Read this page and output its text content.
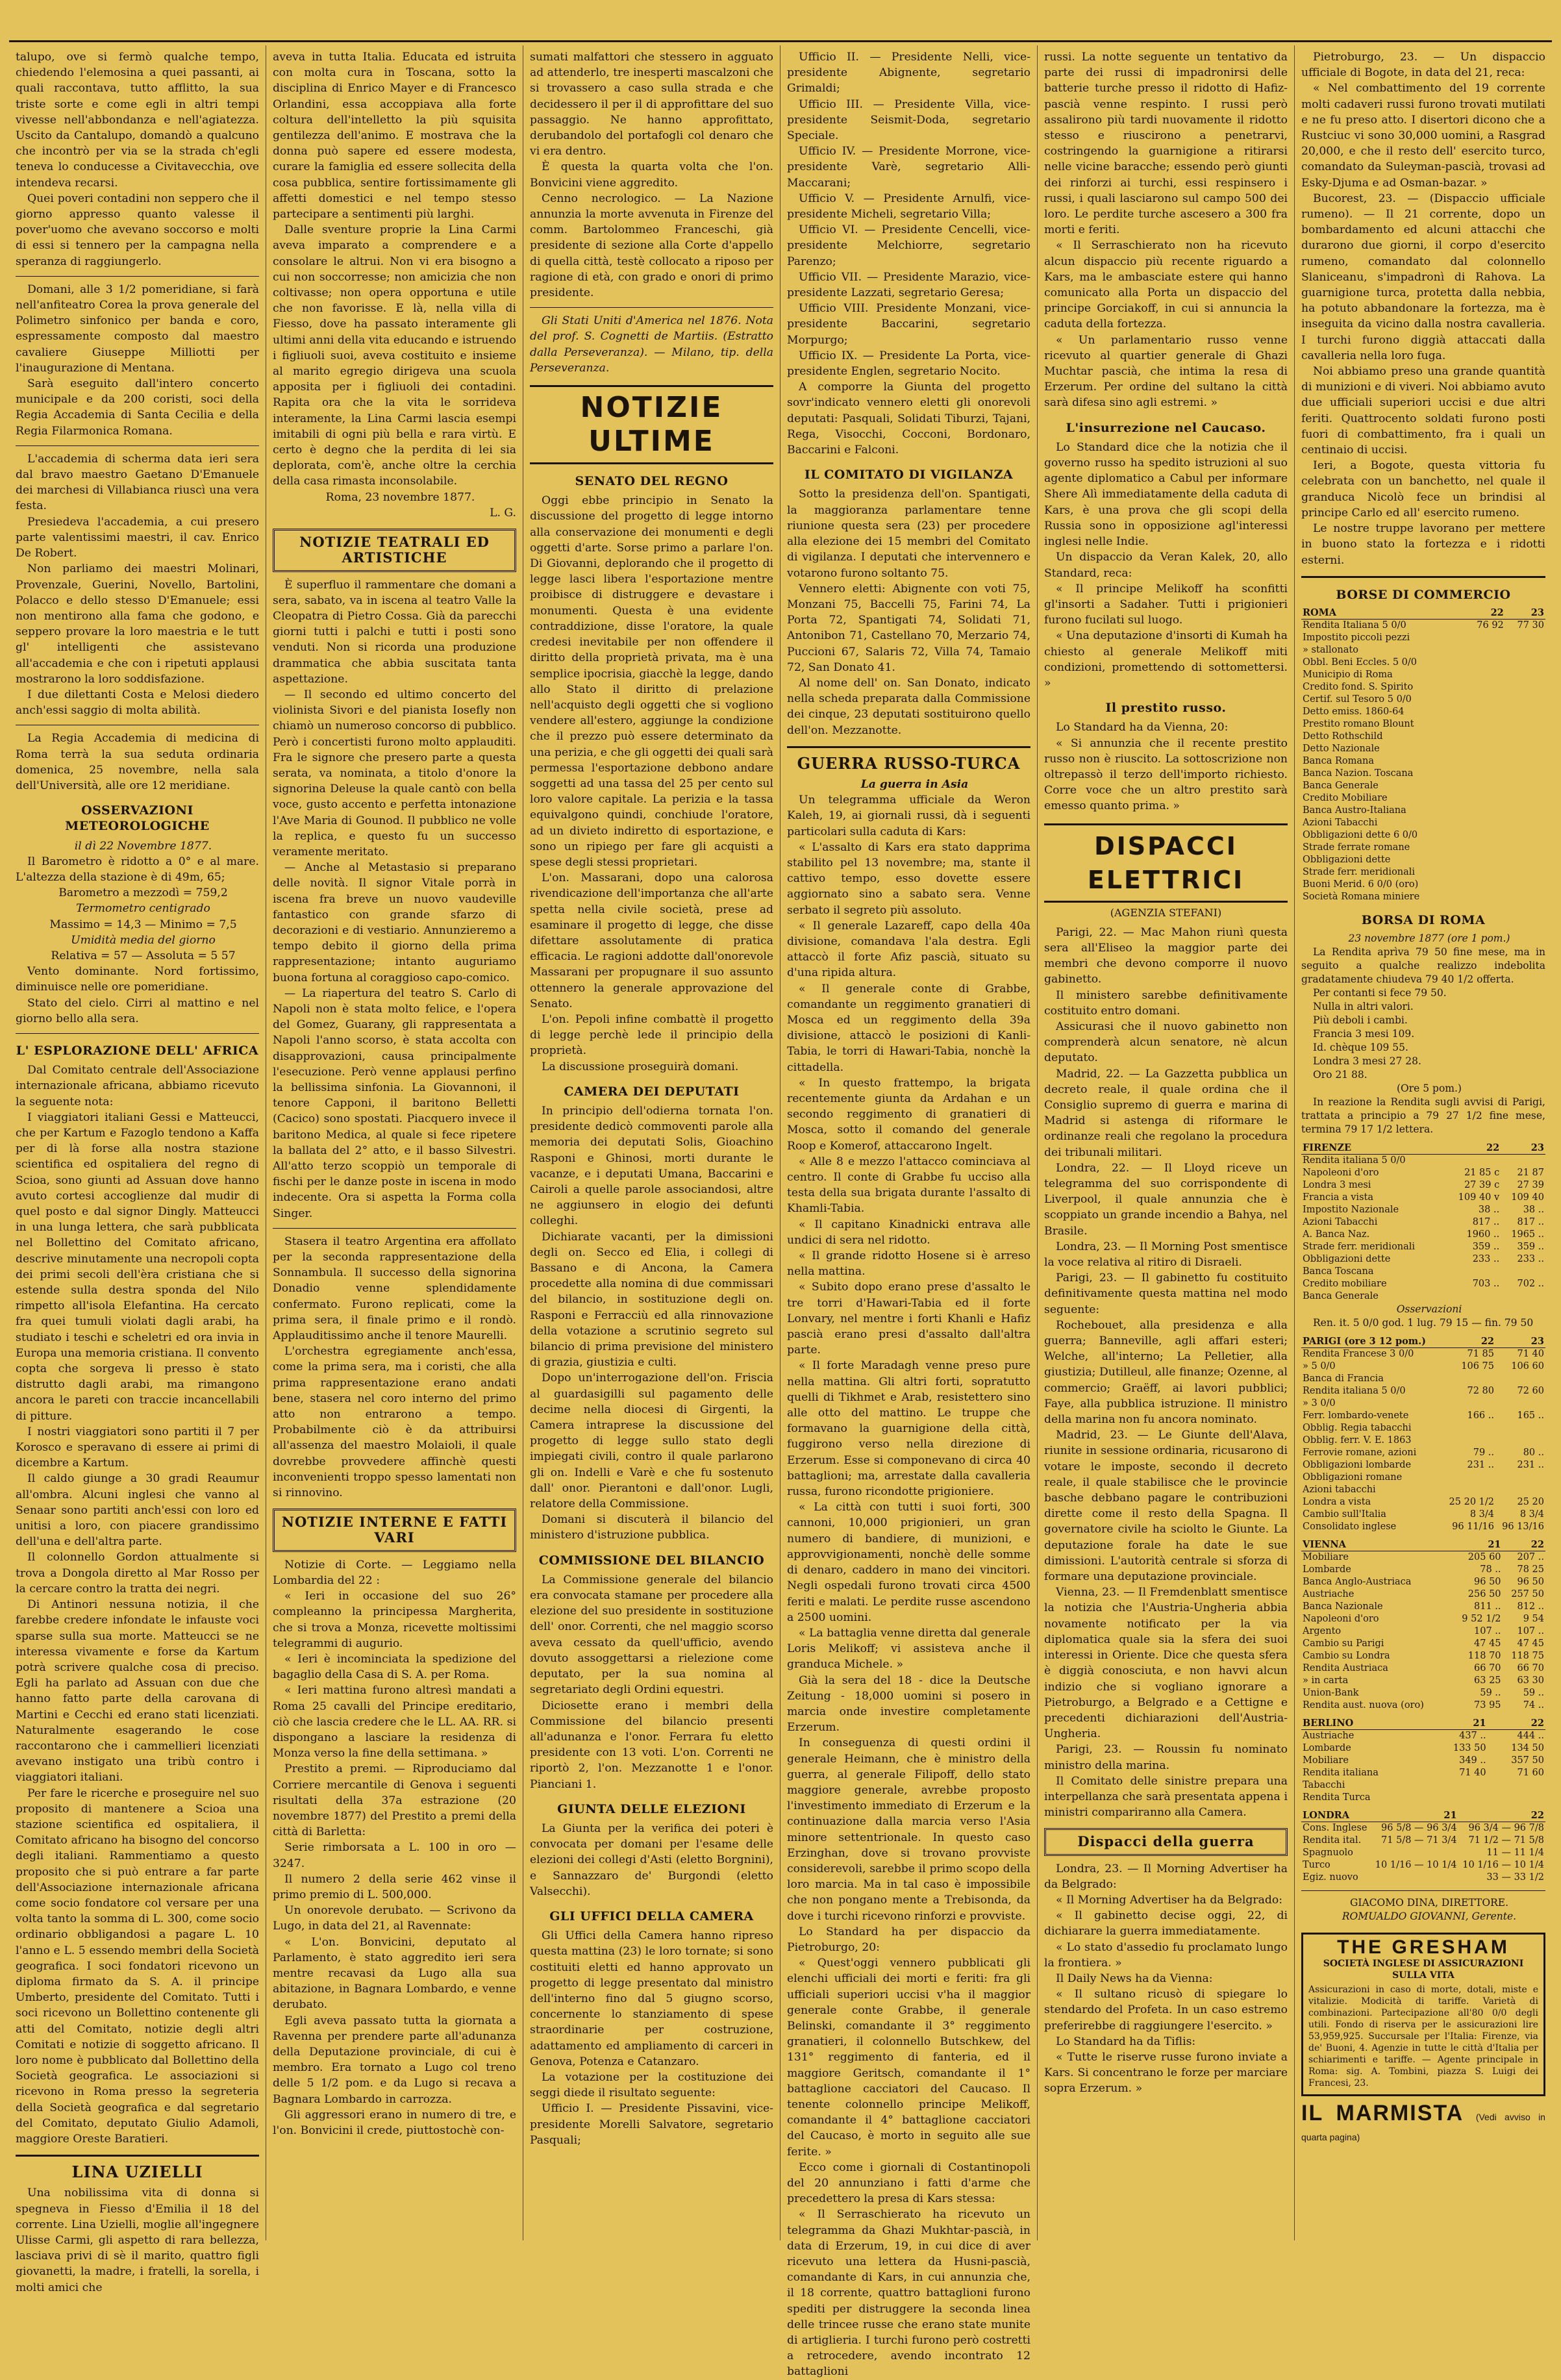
talupo, ove si fermò qualche tempo, chiedendo l'elemosina a quei passanti, ai quali raccontava, tutto afflitto, la sua triste sorte e come egli in altri tempi vivesse nell'abbondanza e nell'agiatezza. Uscito da Cantalupo, domandò a qualcuno che incontrò per via se la strada ch'egli teneva lo conducesse a Civitavecchia, ove intendeva recarsi.

Quei poveri contadini non seppero che il giorno appresso quanto valesse il pover'uomo che avevano soccorso e molti di essi si tennero per la campagna nella speranza di raggiungerlo.

Domani, alle 3 1/2 pomeridiane, si farà nell'anfiteatro Corea la prova generale del Polimetro sinfonico per banda e coro, espressamente composto dal maestro cavaliere Giuseppe Milliotti per l'inaugurazione di Mentana.

Sarà eseguito dall'intero concerto municipale e da 200 coristi, soci della Regia Accademia di Santa Cecilia e della Regia Filarmonica Romana.

L'accademia di scherma data ieri sera dal bravo maestro Gaetano D'Emanuele dei marchesi di Villabianca riuscì una vera festa.

Presiedeva l'accademia, a cui presero parte valentissimi maestri, il cav. Enrico De Robert.

Non parliamo dei maestri Molinari, Provenzale, Guerini, Novello, Bartolini, Polacco e dello stesso D'Emanuele; essi non mentirono alla fama che godono, e seppero provare la loro maestria e le tutt gl' intelligenti che assistevano all'accademia e che con i ripetuti applausi mostrarono la loro soddisfazione.

I due dilettanti Costa e Melosi diedero anch'essi saggio di molta abilità.

La Regia Accademia di medicina di Roma terrà la sua seduta ordinaria domenica, 25 novembre, nella sala dell'Università, alle ore 12 meridiane.

OSSERVAZIONI METEOROLOGICHE

il dì 22 Novembre 1877.

Il Barometro è ridotto a 0° e al mare. L'altezza della stazione è di 49m, 65;

Barometro a mezzodì = 759,2

Termometro centigrado

Massimo = 14,3 — Minimo = 7,5

Umidità media del giorno

Relativa = 57 — Assoluta = 5 57

Vento dominante. Nord fortissimo, diminuisce nelle ore pomeridiane.

Stato del cielo. Cirri al mattino e nel giorno bello alla sera.

L' ESPLORAZIONE DELL' AFRICA

Dal Comitato centrale dell'Associazione internazionale africana, abbiamo ricevuto la seguente nota:

I viaggiatori italiani Gessi e Matteucci, che per Kartum e Fazoglo tendono a Kaffa per di là forse alla nostra stazione scientifica ed ospitaliera del regno di Scioa, sono giunti ad Assuan dove hanno avuto cortesi accoglienze dal mudir di quel posto e dal signor Dingly. Matteucci in una lunga lettera, che sarà pubblicata nel Bollettino del Comitato africano, descrive minutamente una necropoli copta dei primi secoli dell'èra cristiana che si estende sulla destra sponda del Nilo rimpetto all'isola Elefantina. Ha cercato fra quei tumuli violati dagli arabi, ha studiato i teschi e scheletri ed ora invia in Europa una memoria cristiana. Il convento copta che sorgeva li presso è stato distrutto dagli arabi, ma rimangono ancora le pareti con traccie incancellabili di pitture.

I nostri viaggiatori sono partiti il 7 per Korosco e speravano di essere ai primi di dicembre a Kartum.

Il caldo giunge a 30 gradi Reaumur all'ombra. Alcuni inglesi che vanno al Senaar sono partiti anch'essi con loro ed unitisi a loro, con piacere grandissimo dell'una e dell'altra parte.

Il colonnello Gordon attualmente si trova a Dongola diretto al Mar Rosso per la cercare contro la tratta dei negri.

Di Antinori nessuna notizia, il che farebbe credere infondate le infauste voci sparse sulla sua morte. Matteucci se ne interessa vivamente e forse da Kartum potrà scrivere qualche cosa di preciso. Egli ha parlato ad Assuan con due che hanno fatto parte della carovana di Martini e Cecchi ed erano stati licenziati. Naturalmente esagerando le cose raccontarono che i cammellieri licenziati avevano instigato una tribù contro i viaggiatori italiani.

Per fare le ricerche e proseguire nel suo proposito di mantenere a Scioa una stazione scientifica ed ospitaliera, il Comitato africano ha bisogno del concorso degli italiani. Rammentiamo a questo proposito che si può entrare a far parte dell'Associazione internazionale africana come socio fondatore col versare per una volta tanto la somma di L. 300, come socio ordinario obbligandosi a pagare L. 10 l'anno e L. 5 essendo membri della Società geografica. I soci fondatori ricevono un diploma firmato da S. A. il principe Umberto, presidente del Comitato. Tutti i soci ricevono un Bollettino contenente gli atti del Comitato, notizie degli altri Comitati e notizie di soggetto africano. Il loro nome è pubblicato dal Bollettino della Società geografica. Le associazioni si ricevono in Roma presso la segreteria della Società geografica e dal segretario del Comitato, deputato Giulio Adamoli, maggiore Oreste Baratieri.

LINA UZIELLI

Una nobilissima vita di donna si spegneva in Fiesso d'Emilia il 18 del corrente. Lina Uzielli, moglie all'ingegnere Ulisse Carmi, gli aspetto di rara bellezza, lasciava privi di sè il marito, quattro figli giovanetti, la madre, i fratelli, la sorella, i molti amici che

aveva in tutta Italia. Educata ed istruita con molta cura in Toscana, sotto la disciplina di Enrico Mayer e di Francesco Orlandini, essa accoppiava alla forte coltura dell'intelletto la più squisita gentilezza dell'animo. E mostrava che la donna può sapere ed essere modesta, curare la famiglia ed essere sollecita della cosa pubblica, sentire fortissimamente gli affetti domestici e nel tempo stesso partecipare a sentimenti più larghi.

Dalle sventure proprie la Lina Carmi aveva imparato a comprendere e a consolare le altrui. Non vi era bisogno a cui non soccorresse; non amicizia che non coltivasse; non opera opportuna e utile che non favorisse. E là, nella villa di Fiesso, dove ha passato interamente gli ultimi anni della vita educando e istruendo i figliuoli suoi, aveva costituito e insieme al marito egregio dirigeva una scuola apposita per i figliuoli dei contadini. Rapita ora che la vita le sorrideva interamente, la Lina Carmi lascia esempi imitabili di ogni più bella e rara virtù. E certo è degno che la perdita di lei sia deplorata, com'è, anche oltre la cerchia della casa rimasta inconsolabile.

Roma, 23 novembre 1877.

L. G.

NOTIZIE TEATRALI ED ARTISTICHE

È superfluo il rammentare che domani a sera, sabato, va in iscena al teatro Valle la Cleopatra di Pietro Cossa. Già da parecchi giorni tutti i palchi e tutti i posti sono venduti. Non si ricorda una produzione drammatica che abbia suscitata tanta aspettazione.

— Il secondo ed ultimo concerto del violinista Sivori e del pianista Iosefly non chiamò un numeroso concorso di pubblico. Però i concertisti furono molto applauditi. Fra le signore che presero parte a questa serata, va nominata, a titolo d'onore la signorina Deleuse la quale cantò con bella voce, gusto accento e perfetta intonazione l'Ave Maria di Gounod. Il pubblico ne volle la replica, e questo fu un successo veramente meritato.

— Anche al Metastasio si preparano delle novità. Il signor Vitale porrà in iscena fra breve un nuovo vaudeville fantastico con grande sfarzo di decorazioni e di vestiario. Annunzieremo a tempo debito il giorno della prima rappresentazione; intanto auguriamo buona fortuna al coraggioso capo-comico.

— La riapertura del teatro S. Carlo di Napoli non è stata molto felice, e l'opera del Gomez, Guarany, gli rappresentata a Napoli l'anno scorso, è stata accolta con disapprovazioni, causa principalmente l'esecuzione. Però venne applausi perfino la bellissima sinfonia. La Giovannoni, il tenore Capponi, il baritono Belletti (Cacico) sono spostati. Piacquero invece il baritono Medica, al quale si fece ripetere la ballata del 2° atto, e il basso Silvestri. All'atto terzo scoppiò un temporale di fischi per le danze poste in iscena in modo indecente. Ora si aspetta la Forma colla Singer.

Stasera il teatro Argentina era affollato per la seconda rappresentazione della Sonnambula. Il successo della signorina Donadio venne splendidamente confermato. Furono replicati, come la prima sera, il finale primo e il rondò. Applauditissimo anche il tenore Maurelli.

L'orchestra egregiamente anch'essa, come la prima sera, ma i coristi, che alla prima rappresentazione erano andati bene, stasera nel coro interno del primo atto non entrarono a tempo. Probabilmente ciò è da attribuirsi all'assenza del maestro Molaioli, il quale dovrebbe provvedere affinchè questi inconvenienti troppo spesso lamentati non si rinnovino.

NOTIZIE INTERNE E FATTI VARI

Notizie di Corte. — Leggiamo nella Lombardia del 22 :

« Ieri in occasione del suo 26° compleanno la principessa Margherita, che si trova a Monza, ricevette moltissimi telegrammi di augurio.

« Ieri è incominciata la spedizione del bagaglio della Casa di S. A. per Roma.

« Ieri mattina furono altresì mandati a Roma 25 cavalli del Principe ereditario, ciò che lascia credere che le LL. AA. RR. si dispongano a lasciare la residenza di Monza verso la fine della settimana. »

Prestito a premi. — Riproduciamo dal Corriere mercantile di Genova i seguenti risultati della 37a estrazione (20 novembre 1877) del Prestito a premi della città di Barletta:

Serie rimborsata a L. 100 in oro — 3247.

Il numero 2 della serie 462 vinse il primo premio di L. 500,000.

Un onorevole derubato. — Scrivono da Lugo, in data del 21, al Ravennate:

« L'on. Bonvicini, deputato al Parlamento, è stato aggredito ieri sera mentre recavasi da Lugo alla sua abitazione, in Bagnara Lombardo, e venne derubato.

Egli aveva passato tutta la giornata a Ravenna per prendere parte all'adunanza della Deputazione provinciale, di cui è membro. Era tornato a Lugo col treno delle 5 1/2 pom. e da Lugo si recava a Bagnara Lombardo in carrozza.

Gli aggressori erano in numero di tre, e l'on. Bonvicini il crede, piuttostochè con-

sumati malfattori che stessero in agguato ad attenderlo, tre inesperti mascalzoni che si trovassero a caso sulla strada e che decidessero il per il di approfittare del suo passaggio. Ne hanno approfittato, derubandolo del portafogli col denaro che vi era dentro.

È questa la quarta volta che l'on. Bonvicini viene aggredito.

Cenno necrologico. — La Nazione annunzia la morte avvenuta in Firenze del comm. Bartolommeo Franceschi, già presidente di sezione alla Corte d'appello di quella città, testè collocato a riposo per ragione di età, con grado e onori di primo presidente.

Gli Stati Uniti d'America nel 1876. Nota del prof. S. Cognetti de Martiis. (Estratto dalla Perseveranza). — Milano, tip. della Perseveranza.

NOTIZIE ULTIME
SENATO DEL REGNO

Oggi ebbe principio in Senato la discussione del progetto di legge intorno alla conservazione dei monumenti e degli oggetti d'arte. Sorse primo a parlare l'on. Di Giovanni, deplorando che il progetto di legge lasci libera l'esportazione mentre proibisce di distruggere e devastare i monumenti. Questa è una evidente contraddizione, disse l'oratore, la quale credesi inevitabile per non offendere il diritto della proprietà privata, ma è una semplice ipocrisia, giacchè la legge, dando allo Stato il diritto di prelazione nell'acquisto degli oggetti che si vogliono vendere all'estero, aggiunge la condizione che il prezzo può essere determinato da una perizia, e che gli oggetti dei quali sarà permessa l'esportazione debbono andare soggetti ad una tassa del 25 per cento sul loro valore capitale. La perizia e la tassa equivalgono quindi, conchiude l'oratore, ad un divieto indiretto di esportazione, e sono un ripiego per fare gli acquisti a spese degli stessi proprietari.

L'on. Massarani, dopo una calorosa rivendicazione dell'importanza che all'arte spetta nella civile società, prese ad esaminare il progetto di legge, che disse difettare assolutamente di pratica efficacia. Le ragioni addotte dall'onorevole Massarani per propugnare il suo assunto ottennero la generale approvazione del Senato.

L'on. Pepoli infine combattè il progetto di legge perchè lede il principio della proprietà.

La discussione proseguirà domani.

CAMERA DEI DEPUTATI

In principio dell'odierna tornata l'on. presidente dedicò commoventi parole alla memoria dei deputati Solis, Gioachino Rasponi e Ghinosi, morti durante le vacanze, e i deputati Umana, Baccarini e Cairoli a quelle parole associandosi, altre ne aggiunsero in elogio dei defunti colleghi.

Dichiarate vacanti, per la dimissioni degli on. Secco ed Elia, i collegi di Bassano e di Ancona, la Camera procedette alla nomina di due commissari del bilancio, in sostituzione degli on. Rasponi e Ferracciù ed alla rinnovazione della votazione a scrutinio segreto sul bilancio di prima previsione del ministero di grazia, giustizia e culti.

Dopo un'interrogazione dell'on. Friscia al guardasigilli sul pagamento delle decime nella diocesi di Girgenti, la Camera intraprese la discussione del progetto di legge sullo stato degli impiegati civili, contro il quale parlarono gli on. Indelli e Varè e che fu sostenuto dall' onor. Pierantoni e dall'onor. Lugli, relatore della Commissione.

Domani si discuterà il bilancio del ministero d'istruzione pubblica.

COMMISSIONE DEL BILANCIO

La Commissione generale del bilancio era convocata stamane per procedere alla elezione del suo presidente in sostituzione dell' onor. Correnti, che nel maggio scorso aveva cessato da quell'ufficio, avendo dovuto assoggettarsi a rielezione come deputato, per la sua nomina al segretariato degli Ordini equestri.

Diciosette erano i membri della Commissione del bilancio presenti all'adunanza e l'onor. Ferrara fu eletto presidente con 13 voti. L'on. Correnti ne riportò 2, l'on. Mezzanotte 1 e l'onor. Pianciani 1.

GIUNTA DELLE ELEZIONI

La Giunta per la verifica dei poteri è convocata per domani per l'esame delle elezioni dei collegi d'Asti (eletto Borgnini), e Sannazzaro de' Burgondi (eletto Valsecchi).

GLI UFFICI DELLA CAMERA

Gli Uffici della Camera hanno ripreso questa mattina (23) le loro tornate; si sono costituiti eletti ed hanno approvato un progetto di legge presentato dal ministro dell'interno fino dal 5 giugno scorso, concernente lo stanziamento di spese straordinarie per costruzione, adattamento ed ampliamento di carceri in Genova, Potenza e Catanzaro.

La votazione per la costituzione dei seggi diede il risultato seguente:

Ufficio I. — Presidente Pissavini, vice-presidente Morelli Salvatore, segretario Pasquali;

Ufficio II. — Presidente Nelli, vice-presidente Abignente, segretario Grimaldi;

Ufficio III. — Presidente Villa, vice-presidente Seismit-Doda, segretario Speciale.

Ufficio IV. — Presidente Morrone, vice-presidente Varè, segretario Alli-Maccarani;

Ufficio V. — Presidente Arnulfi, vice-presidente Micheli, segretario Villa;

Ufficio VI. — Presidente Cencelli, vice-presidente Melchiorre, segretario Parenzo;

Ufficio VII. — Presidente Marazio, vice-presidente Lazzati, segretario Geresa;

Ufficio VIII. Presidente Monzani, vice-presidente Baccarini, segretario Morpurgo;

Ufficio IX. — Presidente La Porta, vice-presidente Englen, segretario Nocito.

A comporre la Giunta del progetto sovr'indicato vennero eletti gli onorevoli deputati: Pasquali, Solidati Tiburzi, Tajani, Rega, Visocchi, Cocconi, Bordonaro, Baccarini e Falconi.

IL COMITATO DI VIGILANZA

Sotto la presidenza dell'on. Spantigati, la maggioranza parlamentare tenne riunione questa sera (23) per procedere alla elezione dei 15 membri del Comitato di vigilanza. I deputati che intervennero e votarono furono soltanto 75.

Vennero eletti: Abignente con voti 75, Monzani 75, Baccelli 75, Farini 74, La Porta 72, Spantigati 74, Solidati 71, Antonibon 71, Castellano 70, Merzario 74, Puccioni 67, Salaris 72, Villa 74, Tamaio 72, San Donato 41.

Al nome dell' on. San Donato, indicato nella scheda preparata dalla Commissione dei cinque, 23 deputati sostituirono quello dell'on. Mezzanotte.

GUERRA RUSSO-TURCA

La guerra in Asia

Un telegramma ufficiale da Weron Kaleh, 19, ai giornali russi, dà i seguenti particolari sulla caduta di Kars:

« L'assalto di Kars era stato dapprima stabilito pel 13 novembre; ma, stante il cattivo tempo, esso dovette essere aggiornato sino a sabato sera. Venne serbato il segreto più assoluto.

« Il generale Lazareff, capo della 40a divisione, comandava l'ala destra. Egli attaccò il forte Afiz pascià, situato su d'una ripida altura.

« Il generale conte di Grabbe, comandante un reggimento granatieri di Mosca ed un reggimento della 39a divisione, attaccò le posizioni di Kanli-Tabia, le torri di Hawari-Tabia, nonchè la cittadella.

« In questo frattempo, la brigata recentemente giunta da Ardahan e un secondo reggimento di granatieri di Mosca, sotto il comando del generale Roop e Komerof, attaccarono Ingelt.

« Alle 8 e mezzo l'attacco cominciava al centro. Il conte di Grabbe fu ucciso alla testa della sua brigata durante l'assalto di Khamli-Tabia.

« Il capitano Kinadnicki entrava alle undici di sera nel ridotto.

« Il grande ridotto Hosene si è arreso nella mattina.

« Subito dopo erano prese d'assalto le tre torri d'Hawari-Tabia ed il forte Lonvary, nel mentre i forti Khanli e Hafiz pascià erano presi d'assalto dall'altra parte.

« Il forte Maradagh venne preso pure nella mattina. Gli altri forti, sopratutto quelli di Tikhmet e Arab, resistettero sino alle otto del mattino. Le truppe che formavano la guarnigione della città, fuggirono verso nella direzione di Erzerum. Esse si componevano di circa 40 battaglioni; ma, arrestate dalla cavalleria russa, furono ricondotte prigioniere.

« La città con tutti i suoi forti, 300 cannoni, 10,000 prigionieri, un gran numero di bandiere, di munizioni, e approvvigionamenti, nonchè delle somme di denaro, caddero in mano dei vincitori. Negli ospedali furono trovati circa 4500 feriti e malati. Le perdite russe ascendono a 2500 uomini.

« La battaglia venne diretta dal generale Loris Melikoff; vi assisteva anche il granduca Michele. »

Già la sera del 18 - dice la Deutsche Zeitung - 18,000 uomini si posero in marcia onde investire completamente Erzerum.

In conseguenza di questi ordini il generale Heimann, che è ministro della guerra, al generale Filipoff, dello stato maggiore generale, avrebbe proposto l'investimento immediato di Erzerum e la continuazione dalla marcia verso l'Asia minore settentrionale. In questo caso Erzinghan, dove si trovano provviste considerevoli, sarebbe il primo scopo della loro marcia. Ma in tal caso è impossibile che non pongano mente a Trebisonda, da dove i turchi ricevono rinforzi e provviste.

Lo Standard ha per dispaccio da Pietroburgo, 20:

« Quest'oggi vennero pubblicati gli elenchi ufficiali dei morti e feriti: fra gli ufficiali superiori uccisi v'ha il maggior generale conte Grabbe, il generale Belinski, comandante il 3° reggimento granatieri, il colonnello Butschkew, del 131° reggimento di fanteria, ed il maggiore Geritsch, comandante il 1° battaglione cacciatori del Caucaso. Il tenente colonnello principe Melikoff, comandante il 4° battaglione cacciatori del Caucaso, è morto in seguito alle sue ferite. »

Ecco come i giornali di Costantinopoli del 20 annunziano i fatti d'arme che precedettero la presa di Kars stessa:

« Il Serraschierato ha ricevuto un telegramma da Ghazi Mukhtar-pascià, in data di Erzerum, 19, in cui dice di aver ricevuto una lettera da Husni-pascià, comandante di Kars, in cui annunzia che, il 18 corrente, quattro battaglioni furono spediti per distruggere la seconda linea delle trincee russe che erano state munite di artiglieria. I turchi furono però costretti a retrocedere, avendo incontrato 12 battaglioni

russi. La notte seguente un tentativo da parte dei russi di impadronirsi delle batterie turche presso il ridotto di Hafiz-pascià venne respinto. I russi però assalirono più tardi nuovamente il ridotto stesso e riuscirono a penetrarvi, costringendo la guarnigione a ritirarsi nelle vicine baracche; essendo però giunti dei rinforzi ai turchi, essi respinsero i russi, i quali lasciarono sul campo 500 dei loro. Le perdite turche ascesero a 300 fra morti e feriti.

« Il Serraschierato non ha ricevuto alcun dispaccio più recente riguardo a Kars, ma le ambasciate estere qui hanno comunicato alla Porta un dispaccio del principe Gorciakoff, in cui si annuncia la caduta della fortezza.

« Un parlamentario russo venne ricevuto al quartier generale di Ghazi Muchtar pascià, che intima la resa di Erzerum. Per ordine del sultano la città sarà difesa sino agli estremi. »

L'insurrezione nel Caucaso.

Lo Standard dice che la notizia che il governo russo ha spedito istruzioni al suo agente diplomatico a Cabul per informare Shere Alì immediatamente della caduta di Kars, è una prova che gli scopi della Russia sono in opposizione agl'interessi inglesi nelle Indie.

Un dispaccio da Veran Kalek, 20, allo Standard, reca:

« Il principe Melikoff ha sconfitti gl'insorti a Sadaher. Tutti i prigionieri furono fucilati sul luogo.

« Una deputazione d'insorti di Kumah ha chiesto al generale Melikoff miti condizioni, promettendo di sottomettersi. »

Il prestito russo.

Lo Standard ha da Vienna, 20:

« Si annunzia che il recente prestito russo non è riuscito. La sottoscrizione non oltrepassò il terzo dell'importo richiesto. Corre voce che un altro prestito sarà emesso quanto prima. »

DISPACCI ELETTRICI
(AGENZIA STEFANI)

Parigi, 22. — Mac Mahon riunì questa sera all'Eliseo la maggior parte dei membri che devono comporre il nuovo gabinetto.

Il ministero sarebbe definitivamente costituito entro domani.

Assicurasi che il nuovo gabinetto non comprenderà alcun senatore, nè alcun deputato.

Madrid, 22. — La Gazzetta pubblica un decreto reale, il quale ordina che il Consiglio supremo di guerra e marina di Madrid si astenga di riformare le ordinanze reali che regolano la procedura dei tribunali militari.

Londra, 22. — Il Lloyd riceve un telegramma del suo corrispondente di Liverpool, il quale annunzia che è scoppiato un grande incendio a Bahya, nel Brasile.

Londra, 23. — Il Morning Post smentisce la voce relativa al ritiro di Disraeli.

Parigi, 23. — Il gabinetto fu costituito definitivamente questa mattina nel modo seguente:

Rochebouet, alla presidenza e alla guerra; Banneville, agli affari esteri; Welche, all'interno; La Pelletier, alla giustizia; Dutilleul, alle finanze; Ozenne, al commercio; Graëff, ai lavori pubblici; Faye, alla pubblica istruzione. Il ministro della marina non fu ancora nominato.

Madrid, 23. — Le Giunte dell'Alava, riunite in sessione ordinaria, ricusarono di votare le imposte, secondo il decreto reale, il quale stabilisce che le provincie basche debbano pagare le contribuzioni dirette come il resto della Spagna. Il governatore civile ha sciolto le Giunte. La deputazione forale ha date le sue dimissioni. L'autorità centrale si sforza di formare una deputazione provinciale.

Vienna, 23. — Il Fremdenblatt smentisce la notizia che l'Austria-Ungheria abbia novamente notificato per la via diplomatica quale sia la sfera dei suoi interessi in Oriente. Dice che questa sfera è diggià conosciuta, e non havvi alcun indizio che si vogliano ignorare a Pietroburgo, a Belgrado e a Cettigne e precedenti dichiarazioni dell'Austria-Ungheria.

Parigi, 23. — Roussin fu nominato ministro della marina.

Il Comitato delle sinistre prepara una interpellanza che sarà presentata appena i ministri compariranno alla Camera.

Dispacci della guerra

Londra, 23. — Il Morning Advertiser ha da Belgrado:

« Il Morning Advertiser ha da Belgrado:

« Il gabinetto decise oggi, 22, di dichiarare la guerra immediatamente.

« Lo stato d'assedio fu proclamato lungo la frontiera. »

Il Daily News ha da Vienna:

« Il sultano ricusò di spiegare lo stendardo del Profeta. In un caso estremo preferirebbe di raggiungere l'esercito. »

Lo Standard ha da Tiflis:

« Tutte le riserve russe furono inviate a Kars. Si concentrano le forze per marciare sopra Erzerum. »

Pietroburgo, 23. — Un dispaccio ufficiale di Bogote, in data del 21, reca:

« Nel combattimento del 19 corrente molti cadaveri russi furono trovati mutilati e ne fu preso atto. I disertori dicono che a Rustciuc vi sono 30,000 uomini, a Rasgrad 20,000, e che il resto dell' esercito turco, comandato da Suleyman-pascià, trovasi ad Esky-Djuma e ad Osman-bazar. »

Bucorest, 23. — (Dispaccio ufficiale rumeno). — Il 21 corrente, dopo un bombardamento ed alcuni attacchi che durarono due giorni, il corpo d'esercito rumeno, comandato dal colonnello Slaniceanu, s'impadronì di Rahova. La guarnigione turca, protetta dalla nebbia, ha potuto abbandonare la fortezza, ma è inseguita da vicino dalla nostra cavalleria. I turchi furono diggià attaccati dalla cavalleria nella loro fuga.

Noi abbiamo preso una grande quantità di munizioni e di viveri. Noi abbiamo avuto due ufficiali superiori uccisi e due altri feriti. Quattrocento soldati furono posti fuori di combattimento, fra i quali un centinaio di uccisi.

Ieri, a Bogote, questa vittoria fu celebrata con un banchetto, nel quale il granduca Nicolò fece un brindisi al principe Carlo ed all' esercito rumeno.

Le nostre truppe lavorano per mettere in buono stato la fortezza e i ridotti esterni.

BORSE DI COMMERCIO
ROMA	22	23
Rendita Italiana 5 0/0	76 92	77 30
Impostito piccoli pezzi		
» stallonato		
Obbl. Beni Eccles. 5 0/0		
Municipio di Roma		
Credito fond. S. Spirito		
Certif. sul Tesoro 5 0/0		
Detto emiss. 1860-64		
Prestito romano Blount		
Detto Rothschild		
Detto Nazionale		
Banca Romana		
Banca Nazion. Toscana		
Banca Generale		
Credito Mobiliare		
Banca Austro-Italiana		
Azioni Tabacchi		
Obbligazioni dette 6 0/0		
Strade ferrate romane		
Obbligazioni dette		
Strade ferr. meridionali		
Buoni Merid. 6 0/0 (oro)		
Società Romana miniere		
BORSA DI ROMA

23 novembre 1877 (ore 1 pom.)

La Rendita aprìva 79 50 fine mese, ma in seguito a qualche realizzo indebolita gradatamente chiudeva 79 40 1/2 offerta.

Per contanti si fece 79 50.

Nulla in altri valori.

Più deboli i cambi.

Francia 3 mesi 109.

Id. chèque 109 55.

Londra 3 mesi 27 28.

Oro 21 88.

(Ore 5 pom.)

In reazione la Rendita sugli avvisi di Parigi, trattata a principio a 79 27 1/2 fine mese, termina 79 17 1/2 lettera.

FIRENZE	22	23
Rendita italiana 5 0/0		
Napoleoni d'oro	21 85 c	21 87
Londra 3 mesi	27 39 c	27 39
Francia a vista	109 40 v	109 40
Impostito Nazionale	38 ..	38 ..
Azioni Tabacchi	817 ..	817 ..
A. Banca Naz.	1960 ..	1965 ..
Strade ferr. meridionali	359 ..	359 ..
Obbligazioni dette	233 ..	233 ..
Banca Toscana		
Credito mobiliare	703 ..	702 ..
Banca Generale		

Osservazioni

Ren. it. 5 0/0 god. 1 lug. 79 15 — fin. 79 50

PARIGI (ore 3 12 pom.)	22	23
Rendita Francese 3 0/0	71 85	71 40
» 5 0/0	106 75	106 60
Banca di Francia		
Rendita italiana 5 0/0	72 80	72 60
» 3 0/0		
Ferr. lombardo-venete	166 ..	165 ..
Obblig. Regia tabacchi		
Obblig. ferr. V. E. 1863		
Ferrovie romane, azioni	79 ..	80 ..
Obbligazioni lombarde	231 ..	231 ..
Obbligazioni romane		
Azioni tabacchi		
Londra a vista	25 20 1/2	25 20
Cambio sull'Italia	8 3/4	8 3/4
Consolidato inglese	96 11/16	96 13/16
VIENNA	21	22
Mobiliare	205 60	207 ..
Lombarde	78 ..	78 25
Banca Anglo-Austriaca	96 50	96 50
Austriache	256 50	257 50
Banca Nazionale	811 ..	812 ..
Napoleoni d'oro	9 52 1/2	9 54
Argento	107 ..	107 ..
Cambio su Parigi	47 45	47 45
Cambio su Londra	118 70	118 75
Rendita Austriaca	66 70	66 70
» in carta	63 25	63 30
Union-Bank	59 ..	59 ..
Rendita aust. nuova (oro)	73 95	74 ..
BERLINO	21	22
Austriache	437 ..	444 ..
Lombarde	133 50	134 50
Mobiliare	349 ..	357 50
Rendita italiana	71 40	71 60
Tabacchi		
Rendita Turca		
LONDRA	21	22
Cons. Inglese	96 5/8 — 96 3/4	96 3/4 — 96 7/8
Rendita ital.	71 5/8 — 71 3/4	71 1/2 — 71 5/8
Spagnuolo		11 — 11 1/4
Turco	10 1/16 — 10 1/4	10 1/16 — 10 1/4
Egiz. nuovo		33 — 33 1/2

GIACOMO DINA, DIRETTORE.

ROMUALDO GIOVANNI, Gerente.

THE GRESHAM
SOCIETÀ INGLESE DI ASSICURAZIONI SULLA VITA
Assicurazioni in caso di morte, dotali, miste e vitalizie. Modicità di tariffe. Varietà di combinazioni. Partecipazione all'80 0/0 degli utili. Fondo di riserva per le assicurazioni lire 53,959,925. Succursale per l'Italia: Firenze, via de' Buoni, 4. Agenzie in tutte le città d'Italia per schiarimenti e tariffe. — Agente principale in Roma: sig. A. Tombini, piazza S. Luigi dei Francesi, 23.
IL MARMISTA (Vedi avviso in quarta pagina)
